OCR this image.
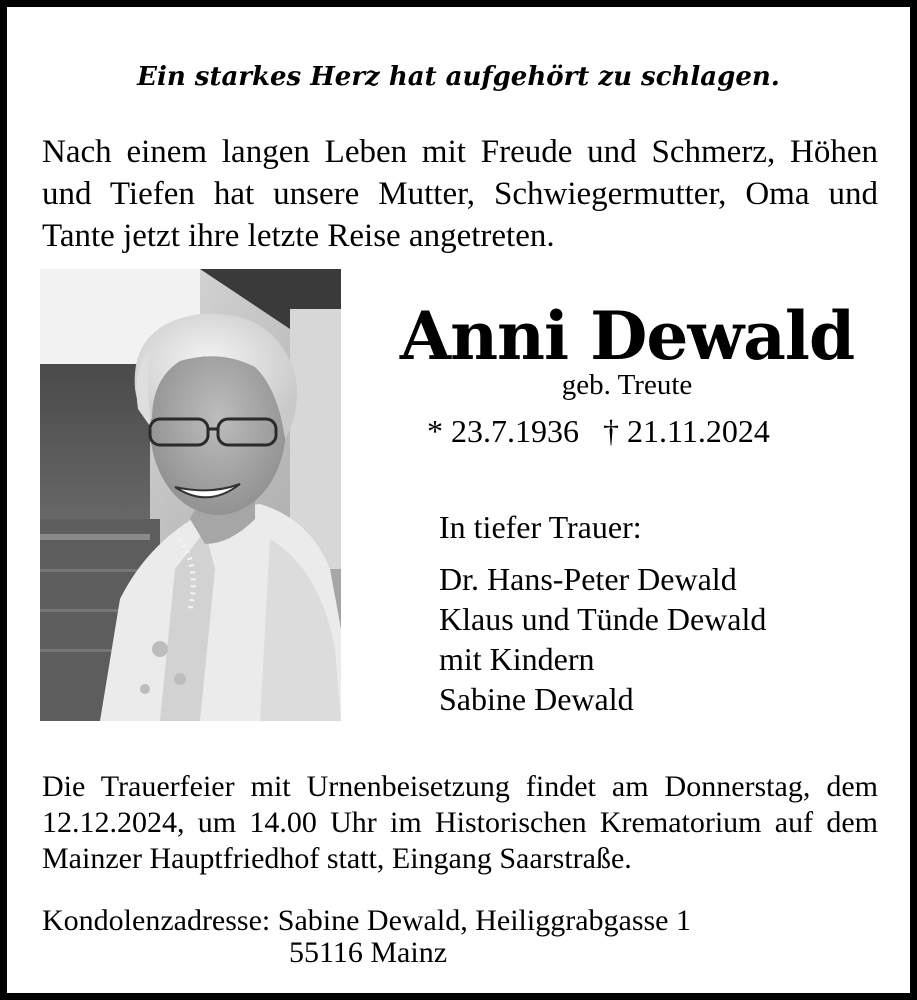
Ein starkes Herz hat aufgehört zu schlagen.
Nach einem langen Leben mit Freude und Schmerz, Höhen und Tiefen hat unsere Mutter, Schwiegermutter, Oma und Tante jetzt ihre letzte Reise angetreten.
Anni Dewald
geb. Treute
* 23.7.1936 † 21.11.2024
In tiefer Trauer:
Dr. Hans-Peter Dewald
Klaus und Tünde Dewald
mit Kindern
Sabine Dewald
Die Trauerfeier mit Urnenbeisetzung findet am Donnerstag, dem 12.12.2024, um 14.00 Uhr im Historischen Krematorium auf dem Mainzer Hauptfriedhof statt, Eingang Saarstraße.
Kondolenzadresse: Sabine Dewald, Heiliggrabgasse 1
55116 Mainz
